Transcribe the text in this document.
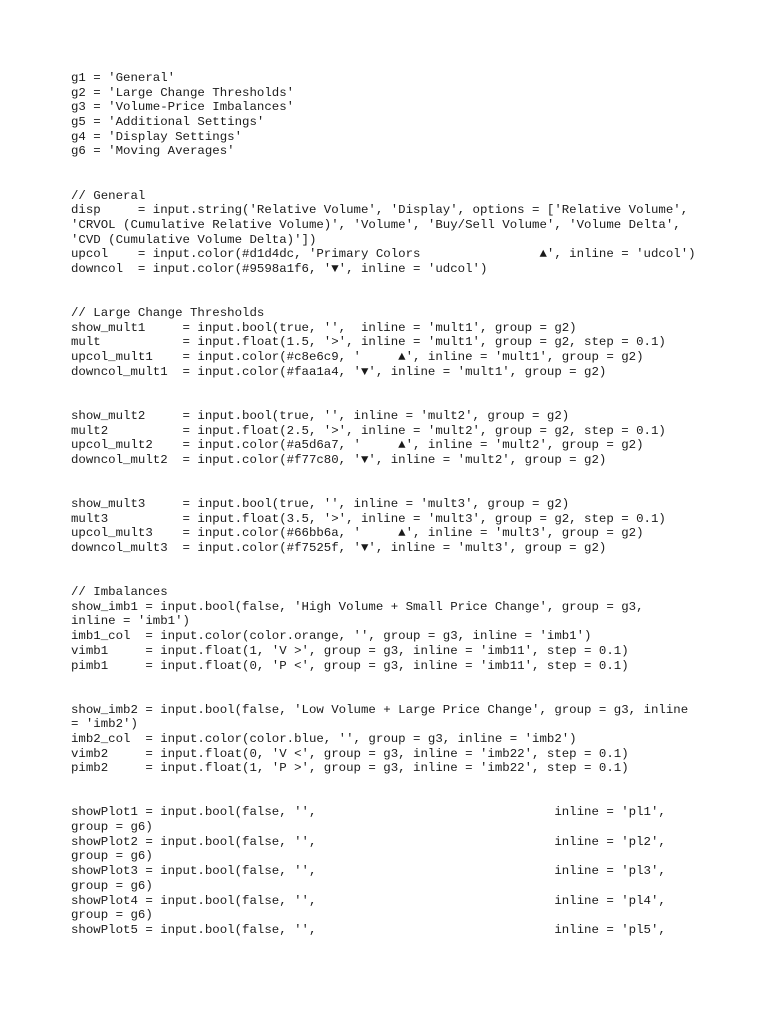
g1 = 'General'
g2 = 'Large Change Thresholds'
g3 = 'Volume-Price Imbalances'
g5 = 'Additional Settings'
g4 = 'Display Settings'
g6 = 'Moving Averages'
// General
disp     = input.string('Relative Volume', 'Display', options = ['Relative Volume',
'CRVOL (Cumulative Relative Volume)', 'Volume', 'Buy/Sell Volume', 'Volume Delta',
'CVD (Cumulative Volume Delta)'])
upcol    = input.color(#d1d4dc, 'Primary Colors                ▲', inline = 'udcol')
downcol  = input.color(#9598a1f6, '▼', inline = 'udcol')
// Large Change Thresholds
show_mult1     = input.bool(true, '',  inline = 'mult1', group = g2)
mult           = input.float(1.5, '>', inline = 'mult1', group = g2, step = 0.1)
upcol_mult1    = input.color(#c8e6c9, '     ▲', inline = 'mult1', group = g2)
downcol_mult1  = input.color(#faa1a4, '▼', inline = 'mult1', group = g2)
show_mult2     = input.bool(true, '', inline = 'mult2', group = g2)
mult2          = input.float(2.5, '>', inline = 'mult2', group = g2, step = 0.1)
upcol_mult2    = input.color(#a5d6a7, '     ▲', inline = 'mult2', group = g2)
downcol_mult2  = input.color(#f77c80, '▼', inline = 'mult2', group = g2)
show_mult3     = input.bool(true, '', inline = 'mult3', group = g2)
mult3          = input.float(3.5, '>', inline = 'mult3', group = g2, step = 0.1)
upcol_mult3    = input.color(#66bb6a, '     ▲', inline = 'mult3', group = g2)
downcol_mult3  = input.color(#f7525f, '▼', inline = 'mult3', group = g2)
// Imbalances
show_imb1 = input.bool(false, 'High Volume + Small Price Change', group = g3,
inline = 'imb1')
imb1_col  = input.color(color.orange, '', group = g3, inline = 'imb1')
vimb1     = input.float(1, 'V >', group = g3, inline = 'imb11', step = 0.1)
pimb1     = input.float(0, 'P <', group = g3, inline = 'imb11', step = 0.1)
show_imb2 = input.bool(false, 'Low Volume + Large Price Change', group = g3, inline
= 'imb2')
imb2_col  = input.color(color.blue, '', group = g3, inline = 'imb2')
vimb2     = input.float(0, 'V <', group = g3, inline = 'imb22', step = 0.1)
pimb2     = input.float(1, 'P >', group = g3, inline = 'imb22', step = 0.1)
showPlot1 = input.bool(false, '',                                inline = 'pl1',
group = g6)
showPlot2 = input.bool(false, '',                                inline = 'pl2',
group = g6)
showPlot3 = input.bool(false, '',                                inline = 'pl3',
group = g6)
showPlot4 = input.bool(false, '',                                inline = 'pl4',
group = g6)
showPlot5 = input.bool(false, '',                                inline = 'pl5',
